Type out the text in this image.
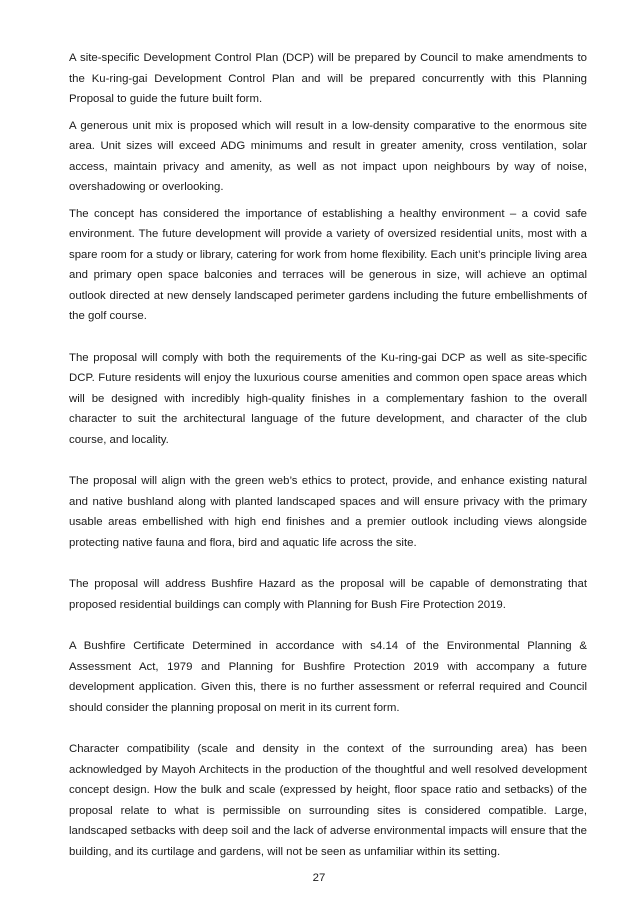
A site-specific Development Control Plan (DCP) will be prepared by Council to make amendments to the Ku-ring-gai Development Control Plan and will be prepared concurrently with this Planning Proposal to guide the future built form.

A generous unit mix is proposed which will result in a low-density comparative to the enormous site area. Unit sizes will exceed ADG minimums and result in greater amenity, cross ventilation, solar access, maintain privacy and amenity, as well as not impact upon neighbours by way of noise, overshadowing or overlooking.

The concept has considered the importance of establishing a healthy environment – a covid safe environment. The future development will provide a variety of oversized residential units, most with a spare room for a study or library, catering for work from home flexibility. Each unit’s principle living area and primary open space balconies and terraces will be generous in size, will achieve an optimal outlook directed at new densely landscaped perimeter gardens including the future embellishments of the golf course.

The proposal will comply with both the requirements of the Ku-ring-gai DCP as well as site-specific DCP. Future residents will enjoy the luxurious course amenities and common open space areas which will be designed with incredibly high-quality finishes in a complementary fashion to the overall character to suit the architectural language of the future development, and character of the club course, and locality.

The proposal will align with the green web’s ethics to protect, provide, and enhance existing natural and native bushland along with planted landscaped spaces and will ensure privacy with the primary usable areas embellished with high end finishes and a premier outlook including views alongside protecting native fauna and flora, bird and aquatic life across the site.

The proposal will address Bushfire Hazard as the proposal will be capable of demonstrating that proposed residential buildings can comply with Planning for Bush Fire Protection 2019.

A Bushfire Certificate Determined in accordance with s4.14 of the Environmental Planning & Assessment Act, 1979 and Planning for Bushfire Protection 2019 with accompany a future development application. Given this, there is no further assessment or referral required and Council should consider the planning proposal on merit in its current form.

Character compatibility (scale and density in the context of the surrounding area) has been acknowledged by Mayoh Architects in the production of the thoughtful and well resolved development concept design. How the bulk and scale (expressed by height, floor space ratio and setbacks) of the proposal relate to what is permissible on surrounding sites is considered compatible. Large, landscaped setbacks with deep soil and the lack of adverse environmental impacts will ensure that the building, and its curtilage and gardens, will not be seen as unfamiliar within its setting.

27
